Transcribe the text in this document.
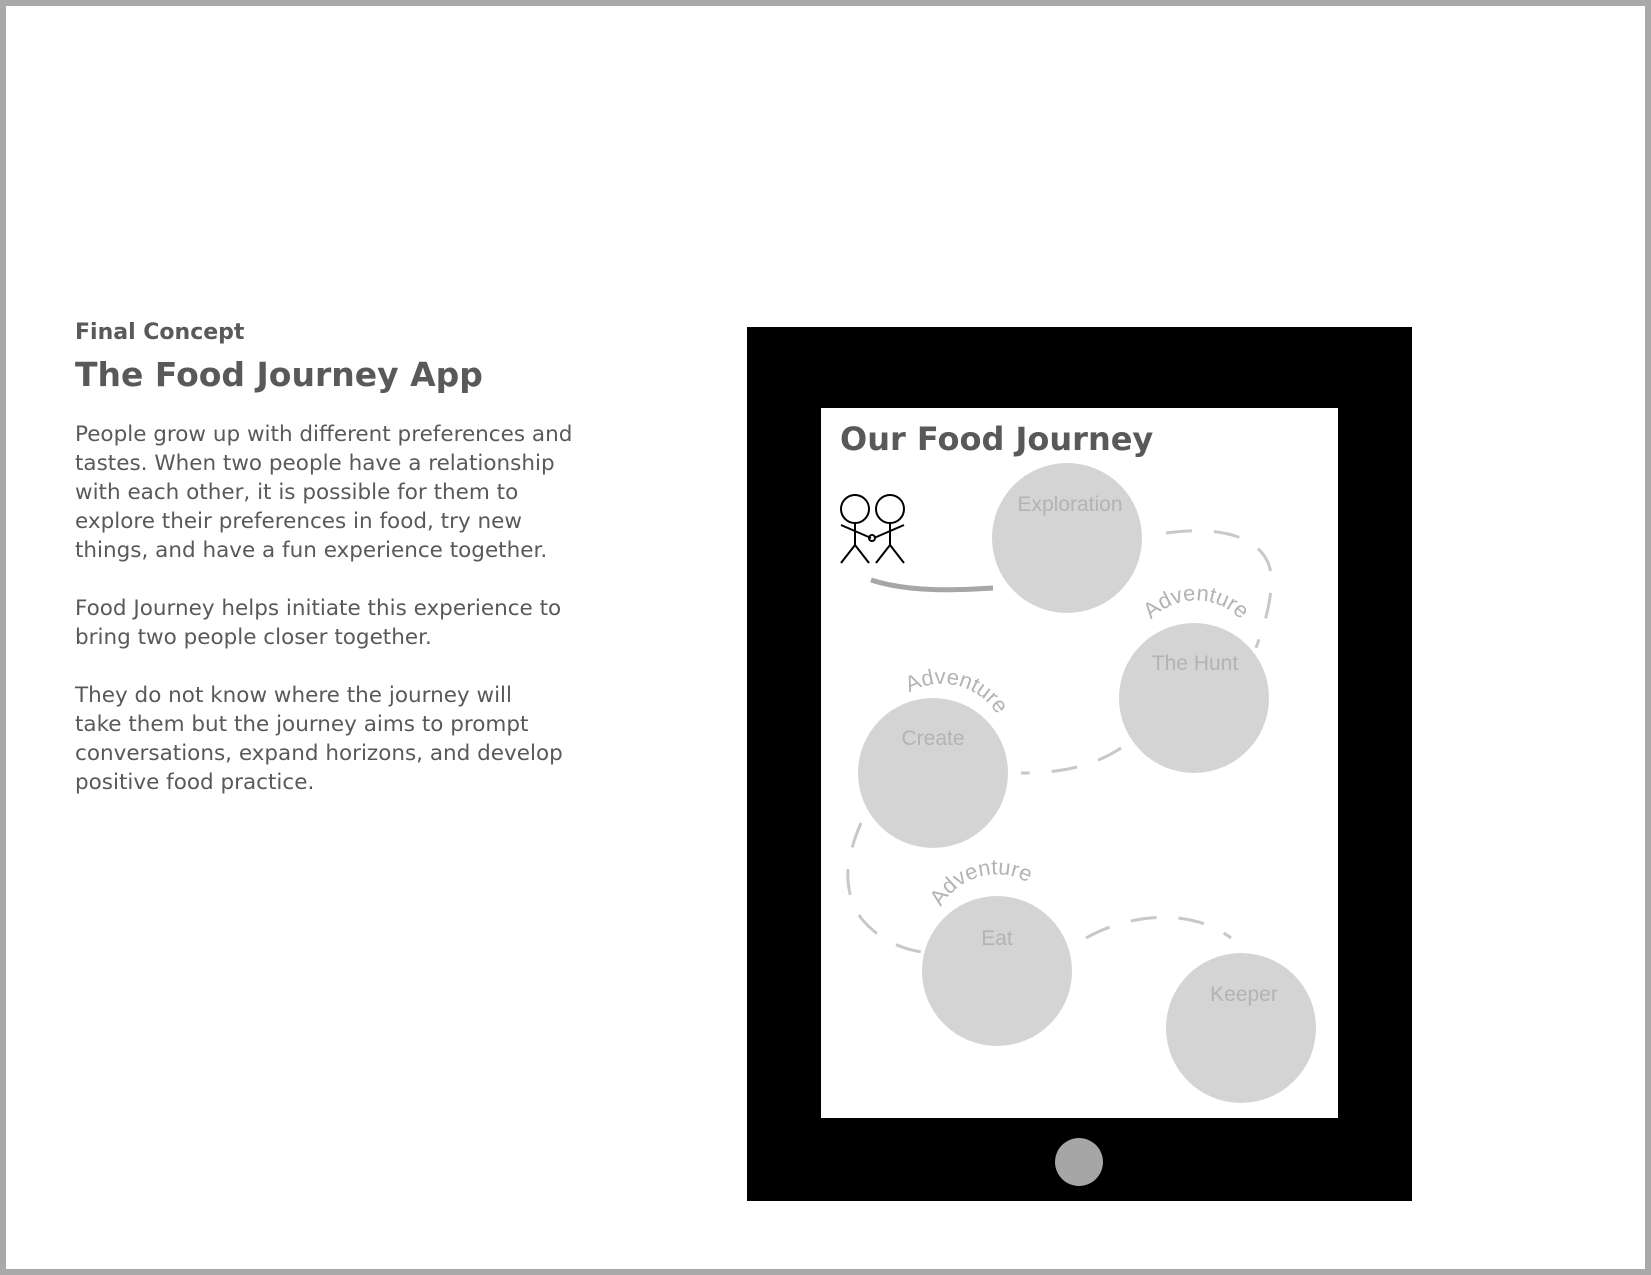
Final Concept

The Food Journey App

People grow up with different preferences and
tastes. When two people have a relationship
with each other, it is possible for them to
explore their preferences in food, try new
things, and have a fun experience together.

Food Journey helps initiate this experience to
bring two people closer together.

They do not know where the journey will
take them but the journey aims to prompt
conversations, expand horizons, and develop
positive food practice.

Our Food Journey
Exploration
Adventure
The Hunt
Adventure
Create
Adventure
Eat
Keeper
